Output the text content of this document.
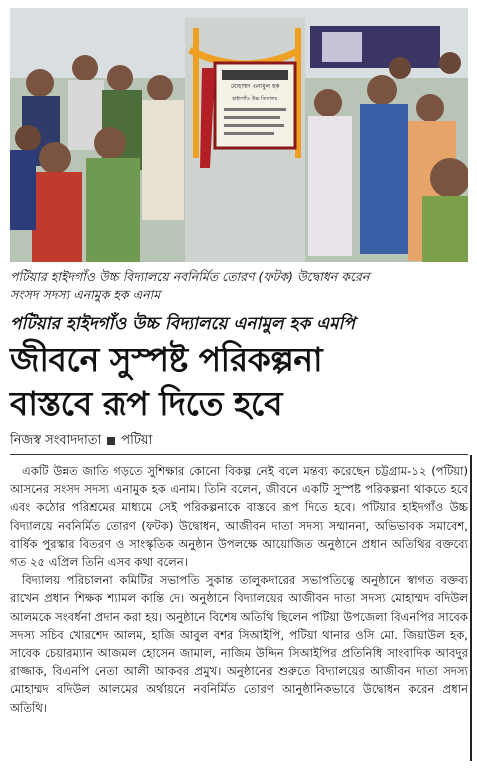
মোহাম্মদ এনামুল হক
হাইদগাঁও উচ্চ বিদ্যালয়
পটিয়ার হাইদগাঁও উচ্চ বিদ্যালয়ে নবনির্মিত তোরণ (ফটক) উদ্বোধন করেন
সংসদ সদস্য এনামুক হক এনাম
পটিয়ার হাইদগাঁও উচ্চ বিদ্যালয়ে এনামুল হক এমপি
জীবনে সুস্পষ্ট পরিকল্পনা
বাস্তবে রূপ দিতে হবে
নিজস্ব সংবাদদাতা পটিয়া

একটি উন্নত জাতি গড়তে সুশিক্ষার কোনো বিকল্প নেই বলে মন্তব্য করেছেন চট্টগ্রাম-১২ (পটিয়া) আসনের সংসদ সদস্য এনামুক হক এনাম। তিনি বলেন, জীবনে একটি সুস্পষ্ট পরিকল্পনা থাকতে হবে এবং কঠোর পরিশ্রমের মাধ্যমে সেই পরিকল্পনাকে বাস্তবে রূপ দিতে হবে। পটিয়ার হাইদগাঁও উচ্চ বিদ্যালয়ে নবনির্মিত তোরণ (ফটক) উদ্বোধন, আজীবন দাতা সদস্য সম্মাননা, অভিভাবক সমাবেশ, বার্ষিক পুরস্কার বিতরণ ও সাংস্কৃতিক অনুষ্ঠান উপলক্ষে আয়োজিত অনুষ্ঠানে প্রধান অতিথির বক্তব্যে গত ২৫ এপ্রিল তিনি এসব কথা বলেন।

বিদ্যালয় পরিচালনা কমিটির সভাপতি সুকান্ত তালুকদারের সভাপতিত্বে অনুষ্ঠানে স্বাগত বক্তব্য রাখেন প্রধান শিক্ষক শ্যামল কান্তি দে। অনুষ্ঠানে বিদ্যালয়ের আজীবন দাতা সদস্য মোহাম্মদ বদিউল আলমকে সংবর্ধনা প্রদান করা হয়। অনুষ্ঠানে বিশেষ অতিথি ছিলেন পটিয়া উপজেলা বিএনপির সাবেক সদস্য সচিব খোরশেদ আলম, হাজি আবুল বশর সিআইপি, পটিয়া থানার ওসি মো. জিয়াউল হক, সাবেক চেয়ারম্যান আজমল হোসেন জামাল, নাজিম উদ্দিন সিআইপির প্রতিনিধি সাংবাদিক আবদুর রাজ্জাক, বিএনপি নেতা আলী আকবর প্রমুখ। অনুষ্ঠানের শুরুতে বিদ্যালয়ের আজীবন দাতা সদস্য মোহাম্মদ বদিউল আলমের অর্থায়নে নবনির্মিত তোরণ আনুষ্ঠানিকভাবে উদ্বোধন করেন প্রধান অতিথি।
